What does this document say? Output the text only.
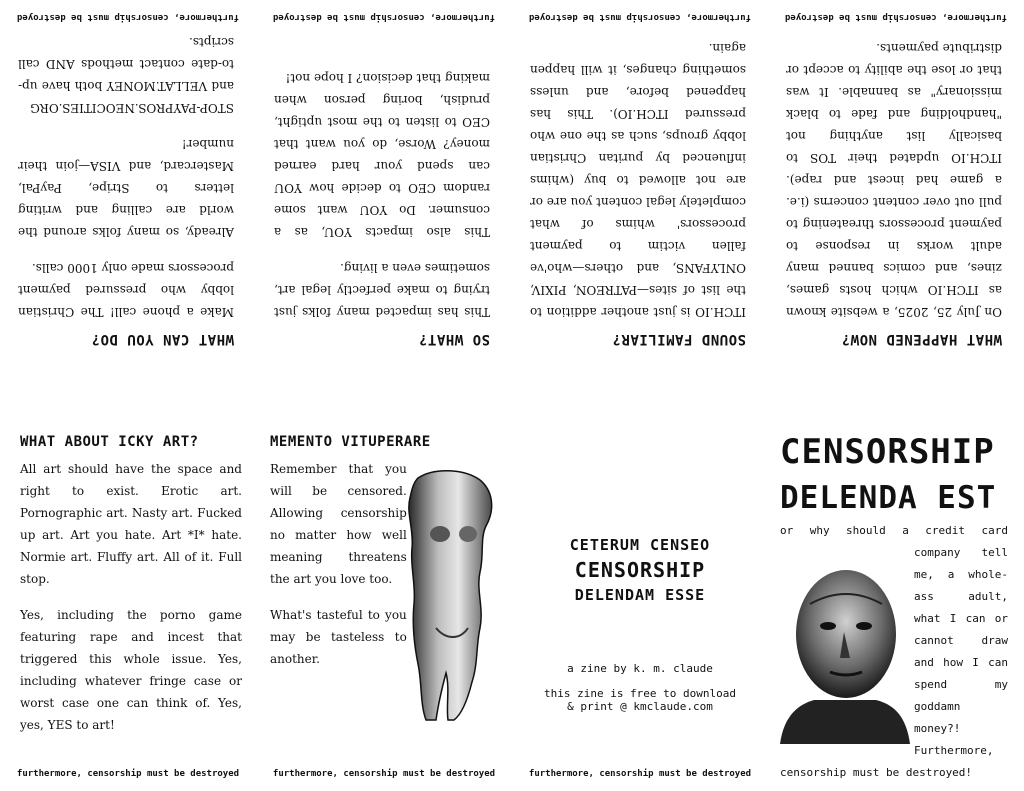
WHAT HAPPENED NOW?

On July 25, 2025, a website known as ITCH.IO which hosts games, zines, and comics banned many adult works in response to payment processors threatening to pull out over content concerns (i.e. a game had incest and rape). ITCH.IO updated their TOS to basically list anything not "handholding and fade to black missionary" as bannable. It was that or lose the ability to accept or distribute payments.

furthermore, censorship must be destroyed
SOUND FAMILIAR?

ITCH.IO is just another addition to the list of sites—PATREON, PIXIV, ONLYFANS, and others—who've fallen victim to payment processors' whims of what completely legal content you are or are not allowed to buy (whims influenced by puritan Christian lobby groups, such as the one who pressured ITCH.IO). This has happened before, and unless something changes, it will happen again.

furthermore, censorship must be destroyed
SO WHAT?

This has impacted many folks just trying to make perfectly legal art, sometimes even a living.

This also impacts YOU, as a consumer. Do YOU want some random CEO to decide how YOU can spend your hard earned money? Worse, do you want that CEO to listen to the most uptight, prudish, boring person when making that decision? I hope not!

furthermore, censorship must be destroyed
WHAT CAN YOU DO?

Make a phone call! The Christian lobby who pressured payment processors made only 1000 calls.

Already, so many folks around the world are calling and writing letters to Stripe, PayPal, Mastercard, and VISA—join their number!

STOP-PAYPROS.NEOCITIES.ORG and VELLAT.MONEY both have up-to-date contact methods AND call scripts.

furthermore, censorship must be destroyed
WHAT ABOUT ICKY ART?

All art should have the space and right to exist. Erotic art. Pornographic art. Nasty art. Fucked up art. Art you hate. Art *I* hate. Normie art. Fluffy art. All of it. Full stop.

Yes, including the porno game featuring rape and incest that triggered this whole issue. Yes, including whatever fringe case or worst case one can think of. Yes, yes, YES to art!

furthermore, censorship must be destroyed
MEMENTO VITUPERARE

Remember that you will be censored. Allowing censorship no matter how well meaning threatens the art you love too.

What's tasteful to you may be tasteless to another.

furthermore, censorship must be destroyed
CETERUM CENSEO
CENSORSHIP
DELENDAM ESSE
a zine by k. m. claude
this zine is free to download
& print @ kmclaude.com
furthermore, censorship must be destroyed
CENSORSHIP
DELENDA EST
or why should a credit card company tell me, a whole-ass adult, what I can or cannot draw and how I can spend my goddamn money?! Furthermore, censorship must be destroyed!
